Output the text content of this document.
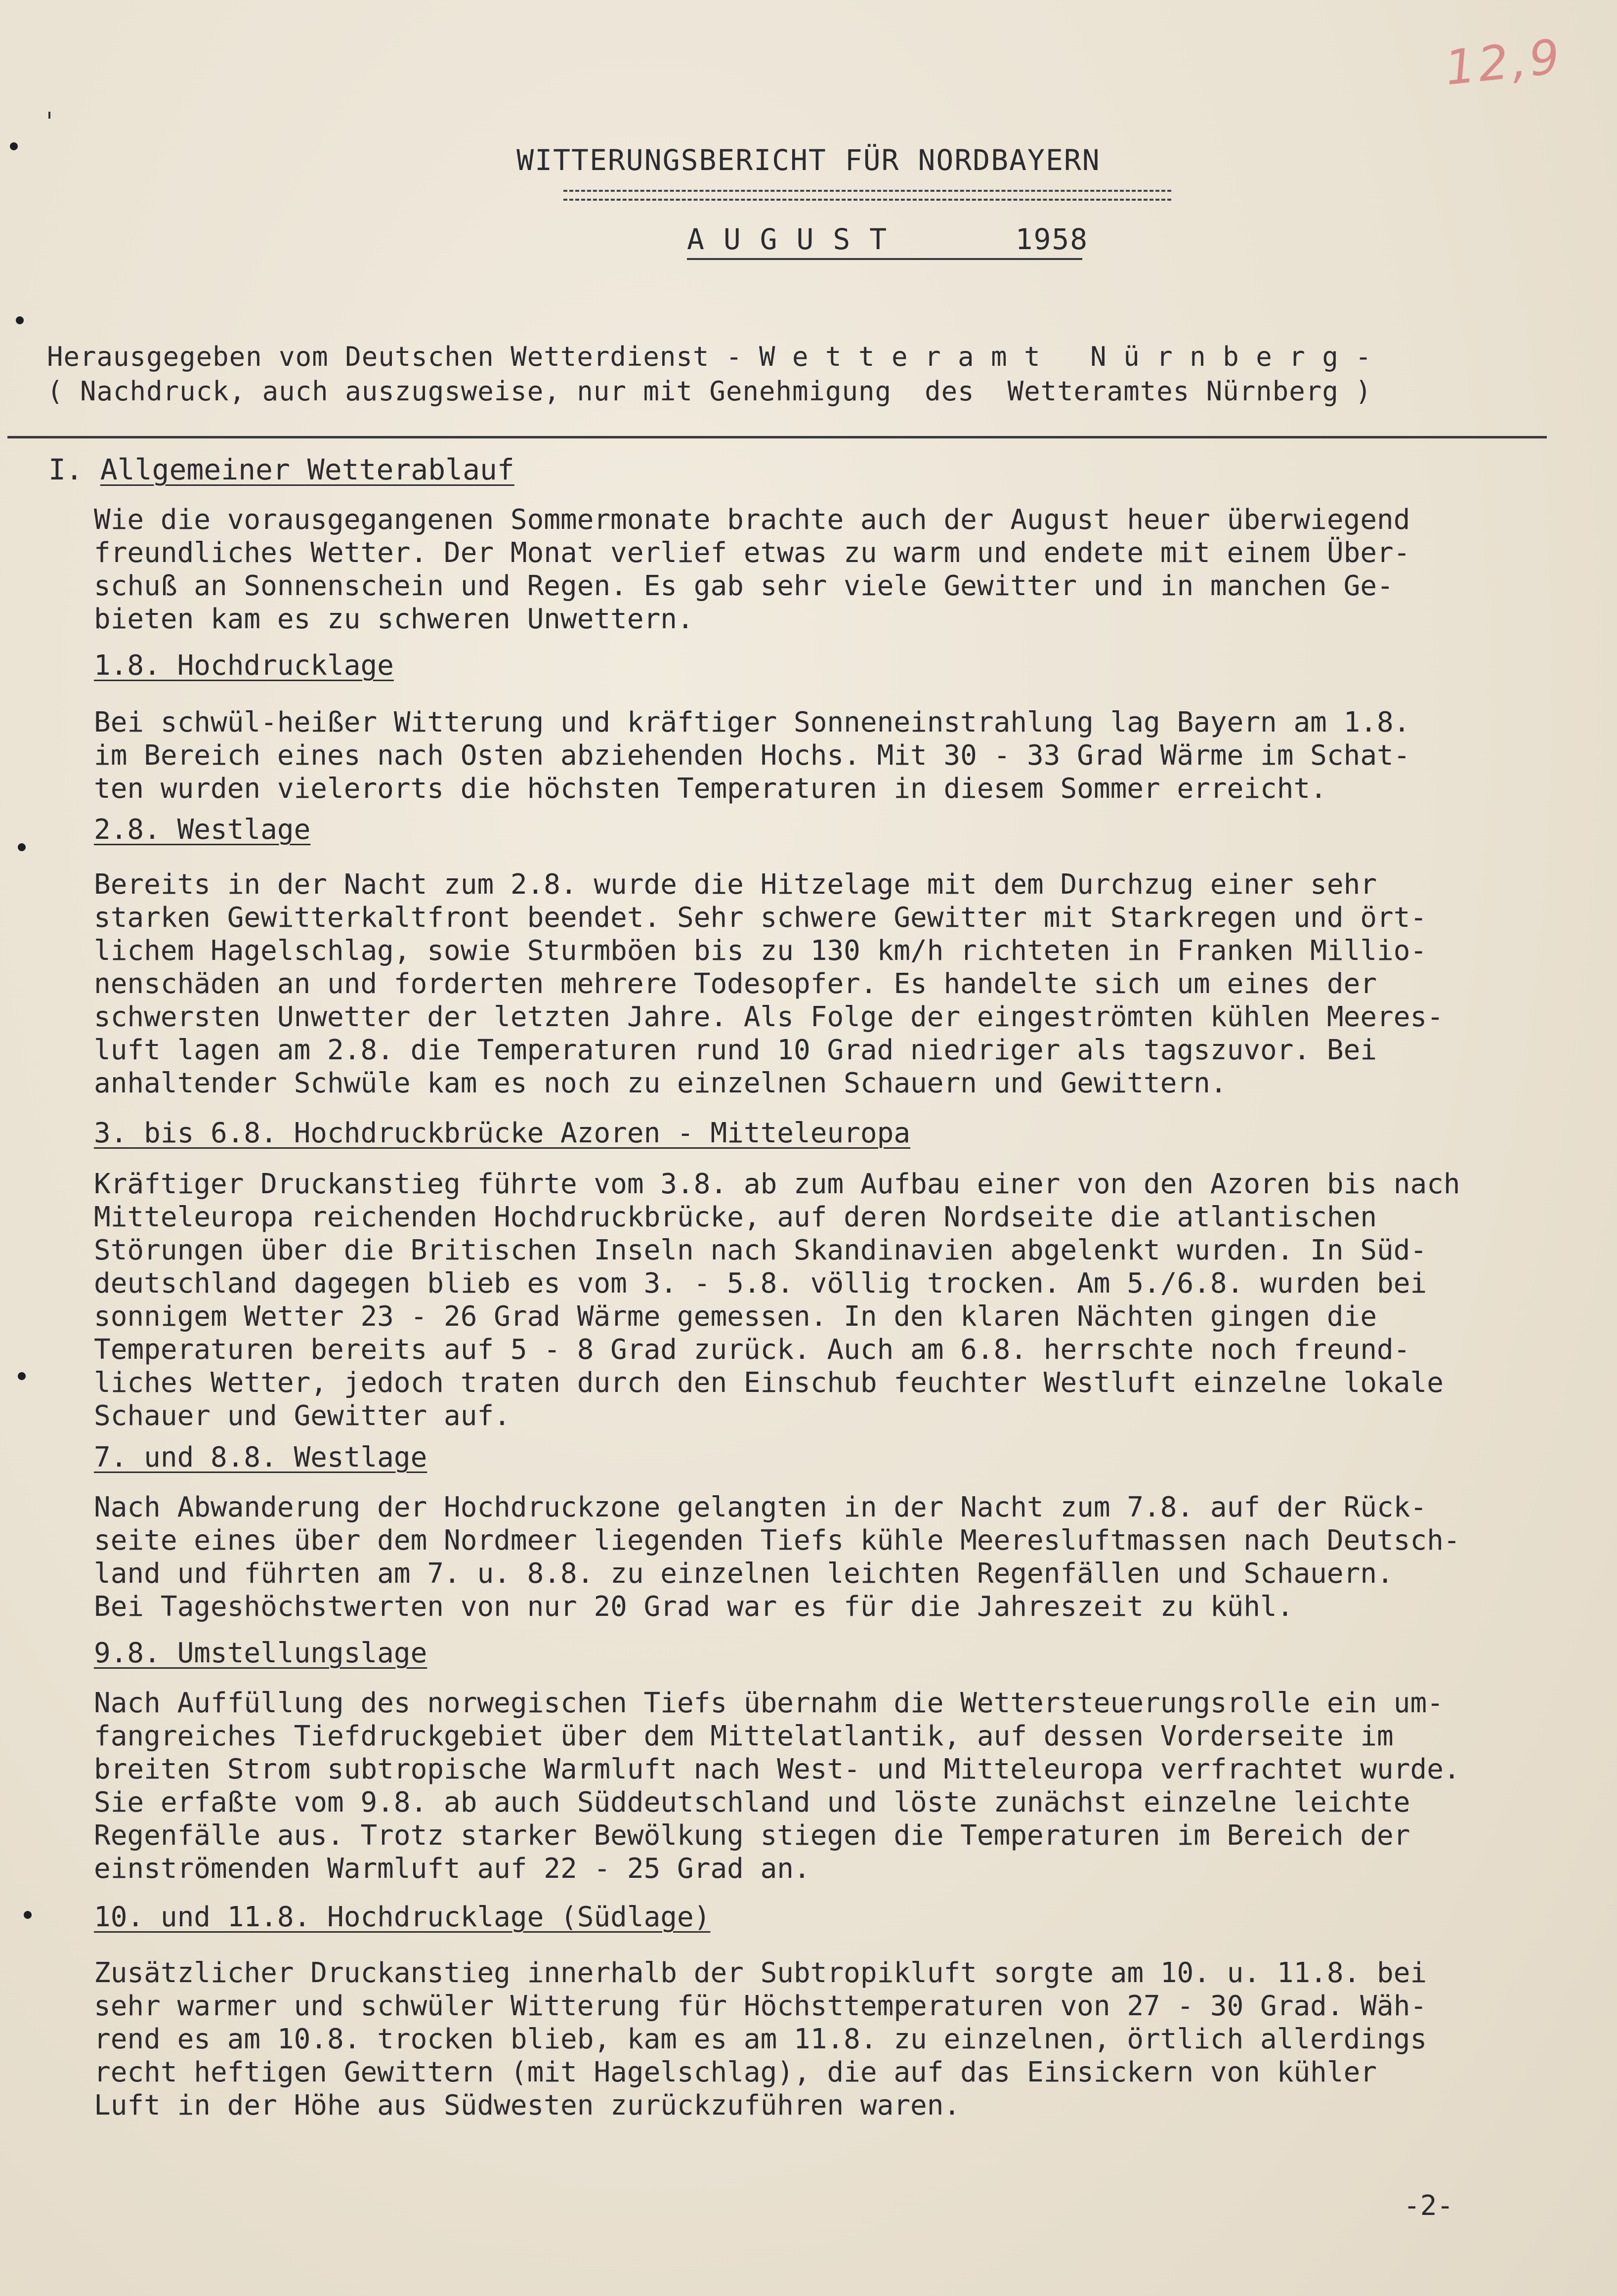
12,9
WITTERUNGSBERICHT FÜR NORDBAYERN
A U G U S T       1958
Herausgegeben vom Deutschen Wetterdienst - W e t t e r a m t   N ü r n b e r g -
( Nachdruck, auch auszugsweise, nur mit Genehmigung  des  Wetteramtes Nürnberg )
I. Allgemeiner Wetterablauf
Wie die vorausgegangenen Sommermonate brachte auch der August heuer überwiegend
freundliches Wetter. Der Monat verlief etwas zu warm und endete mit einem Über-
schuß an Sonnenschein und Regen. Es gab sehr viele Gewitter und in manchen Ge-
bieten kam es zu schweren Unwettern.
1.8. Hochdrucklage
Bei schwül-heißer Witterung und kräftiger Sonneneinstrahlung lag Bayern am 1.8.
im Bereich eines nach Osten abziehenden Hochs. Mit 30 - 33 Grad Wärme im Schat-
ten wurden vielerorts die höchsten Temperaturen in diesem Sommer erreicht.
2.8. Westlage
Bereits in der Nacht zum 2.8. wurde die Hitzelage mit dem Durchzug einer sehr
starken Gewitterkaltfront beendet. Sehr schwere Gewitter mit Starkregen und ört-
lichem Hagelschlag, sowie Sturmböen bis zu 130 km/h richteten in Franken Millio-
nenschäden an und forderten mehrere Todesopfer. Es handelte sich um eines der
schwersten Unwetter der letzten Jahre. Als Folge der eingeströmten kühlen Meeres-
luft lagen am 2.8. die Temperaturen rund 10 Grad niedriger als tagszuvor. Bei
anhaltender Schwüle kam es noch zu einzelnen Schauern und Gewittern.
3. bis 6.8. Hochdruckbrücke Azoren - Mitteleuropa
Kräftiger Druckanstieg führte vom 3.8. ab zum Aufbau einer von den Azoren bis nach
Mitteleuropa reichenden Hochdruckbrücke, auf deren Nordseite die atlantischen
Störungen über die Britischen Inseln nach Skandinavien abgelenkt wurden. In Süd-
deutschland dagegen blieb es vom 3. - 5.8. völlig trocken. Am 5./6.8. wurden bei
sonnigem Wetter 23 - 26 Grad Wärme gemessen. In den klaren Nächten gingen die
Temperaturen bereits auf 5 - 8 Grad zurück. Auch am 6.8. herrschte noch freund-
liches Wetter, jedoch traten durch den Einschub feuchter Westluft einzelne lokale
Schauer und Gewitter auf.
7. und 8.8. Westlage
Nach Abwanderung der Hochdruckzone gelangten in der Nacht zum 7.8. auf der Rück-
seite eines über dem Nordmeer liegenden Tiefs kühle Meeresluftmassen nach Deutsch-
land und führten am 7. u. 8.8. zu einzelnen leichten Regenfällen und Schauern.
Bei Tageshöchstwerten von nur 20 Grad war es für die Jahreszeit zu kühl.
9.8. Umstellungslage
Nach Auffüllung des norwegischen Tiefs übernahm die Wettersteuerungsrolle ein um-
fangreiches Tiefdruckgebiet über dem Mittelatlantik, auf dessen Vorderseite im
breiten Strom subtropische Warmluft nach West- und Mitteleuropa verfrachtet wurde.
Sie erfaßte vom 9.8. ab auch Süddeutschland und löste zunächst einzelne leichte
Regenfälle aus. Trotz starker Bewölkung stiegen die Temperaturen im Bereich der
einströmenden Warmluft auf 22 - 25 Grad an.
10. und 11.8. Hochdrucklage (Südlage)
Zusätzlicher Druckanstieg innerhalb der Subtropikluft sorgte am 10. u. 11.8. bei
sehr warmer und schwüler Witterung für Höchsttemperaturen von 27 - 30 Grad. Wäh-
rend es am 10.8. trocken blieb, kam es am 11.8. zu einzelnen, örtlich allerdings
recht heftigen Gewittern (mit Hagelschlag), die auf das Einsickern von kühler
Luft in der Höhe aus Südwesten zurückzuführen waren.
-2-
